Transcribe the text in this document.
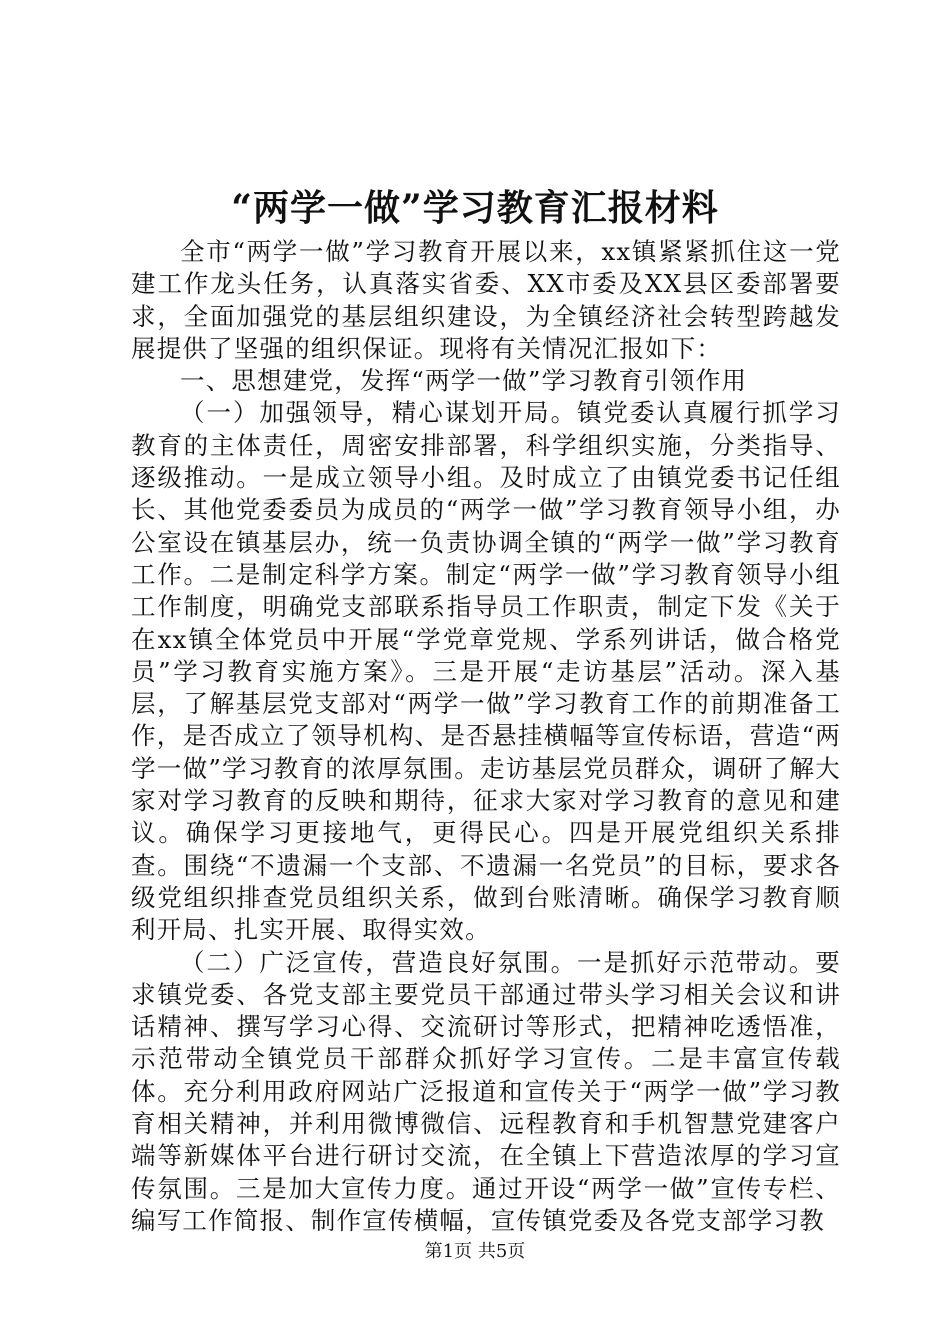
“两学一做”学习教育汇报材料

全市“两学一做”学习教育开展以来，xx镇紧紧抓住这一党建工作龙头任务，认真落实省委、XX市委及XX县区委部署要求，全面加强党的基层组织建设，为全镇经济社会转型跨越发展提供了坚强的组织保证。现将有关情况汇报如下：

一、思想建党，发挥“两学一做”学习教育引领作用

（一）加强领导，精心谋划开局。镇党委认真履行抓学习教育的主体责任，周密安排部署，科学组织实施，分类指导、逐级推动。一是成立领导小组。及时成立了由镇党委书记任组长、其他党委委员为成员的“两学一做”学习教育领导小组，办公室设在镇基层办，统一负责协调全镇的“两学一做”学习教育工作。二是制定科学方案。制定“两学一做”学习教育领导小组工作制度，明确党支部联系指导员工作职责，制定下发《关于在xx镇全体党员中开展“学党章党规、学系列讲话，做合格党员”学习教育实施方案》。三是开展“走访基层”活动。深入基层，了解基层党支部对“两学一做”学习教育工作的前期准备工作，是否成立了领导机构、是否悬挂横幅等宣传标语，营造“两学一做”学习教育的浓厚氛围。走访基层党员群众，调研了解大家对学习教育的反映和期待，征求大家对学习教育的意见和建议。确保学习更接地气，更得民心。四是开展党组织关系排查。围绕“不遗漏一个支部、不遗漏一名党员”的目标，要求各级党组织排查党员组织关系，做到台账清晰。确保学习教育顺利开局、扎实开展、取得实效。

（二）广泛宣传，营造良好氛围。一是抓好示范带动。要求镇党委、各党支部主要党员干部通过带头学习相关会议和讲话精神、撰写学习心得、交流研讨等形式，把精神吃透悟准，示范带动全镇党员干部群众抓好学习宣传。二是丰富宣传载体。充分利用政府网站广泛报道和宣传关于“两学一做”学习教育相关精神，并利用微博微信、远程教育和手机智慧党建客户端等新媒体平台进行研讨交流，在全镇上下营造浓厚的学习宣传氛围。三是加大宣传力度。通过开设“两学一做”宣传专栏、编写工作简报、制作宣传横幅，宣传镇党委及各党支部学习教

第1页 共5页
